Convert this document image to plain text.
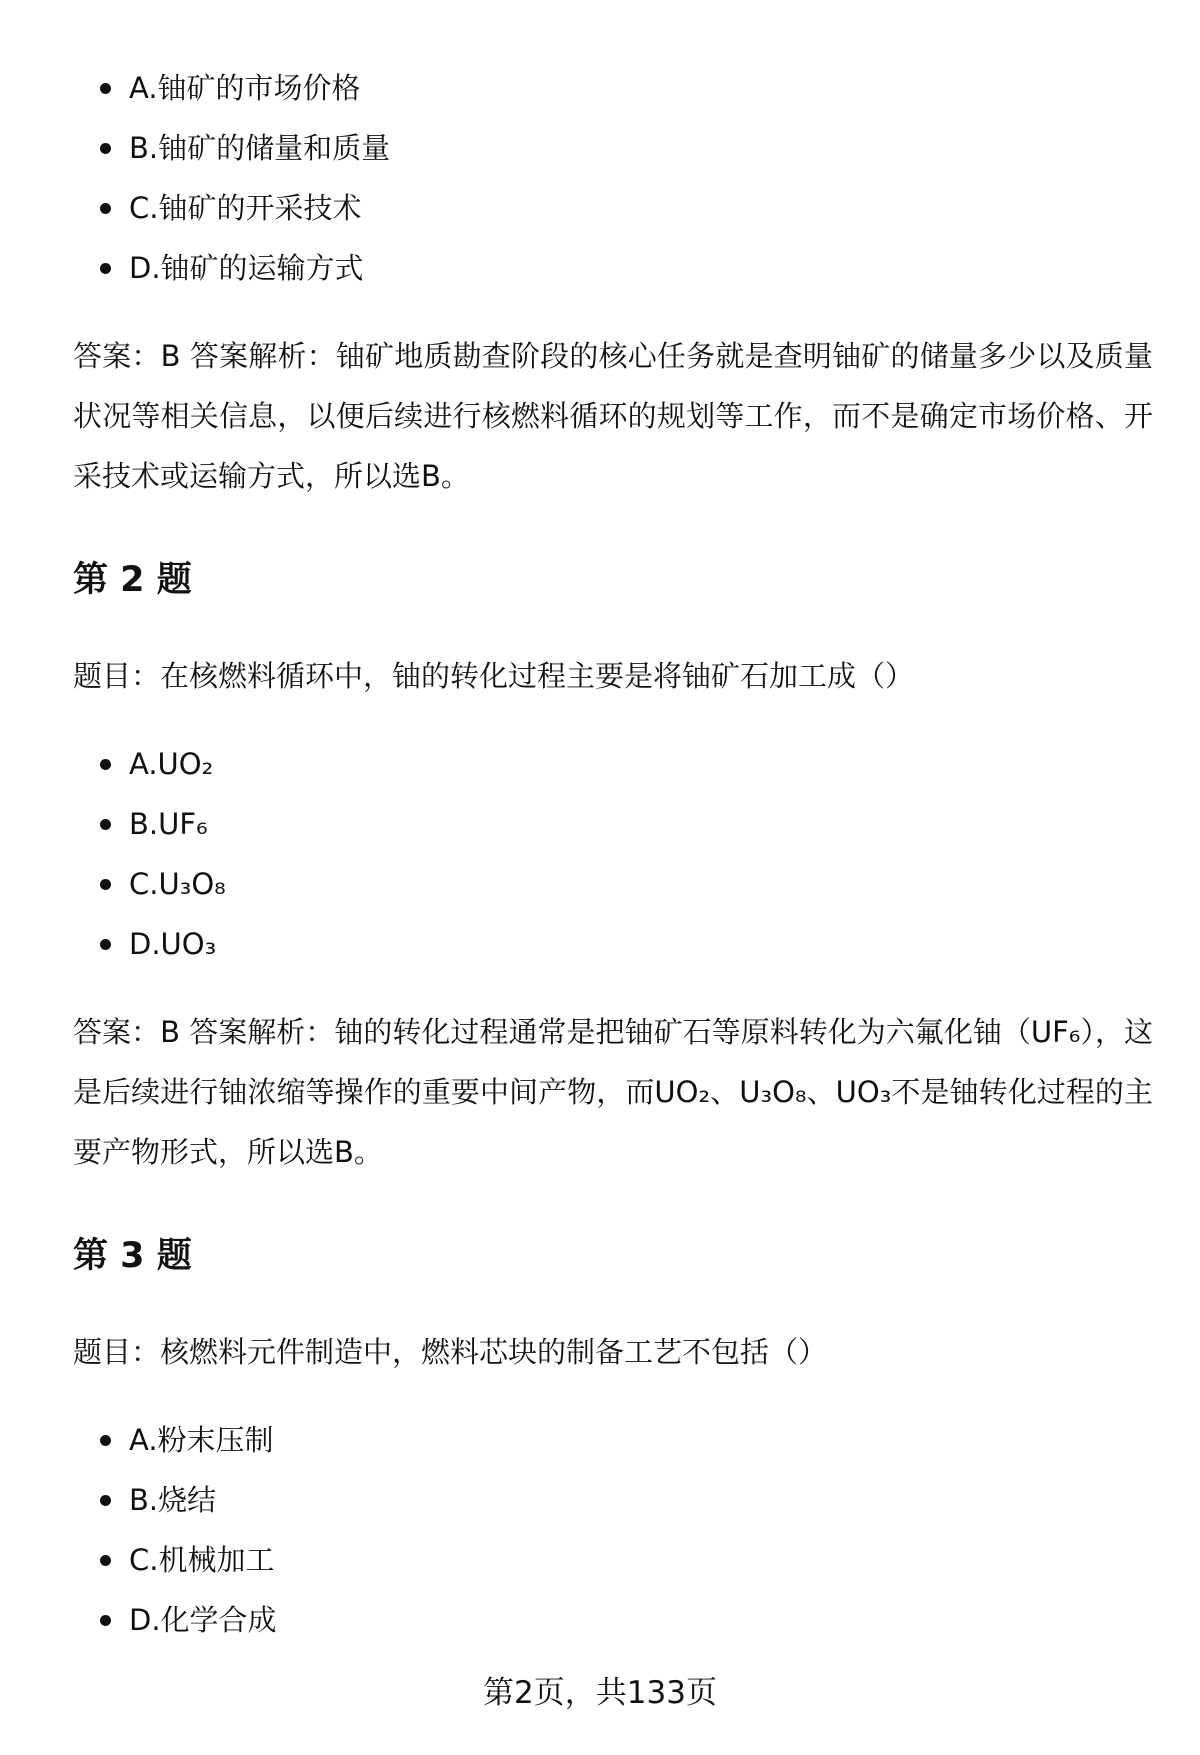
A.铀矿的市场价格
B.铀矿的储量和质量
C.铀矿的开采技术
D.铀矿的运输方式

答案：B 答案解析：铀矿地质勘查阶段的核心任务就是查明铀矿的储量多少以及质量状况等相关信息，以便后续进行核燃料循环的规划等工作，而不是确定市场价格、开采技术或运输方式，所以选B。

第 2 题

题目：在核燃料循环中，铀的转化过程主要是将铀矿石加工成（）

A.UO₂
B.UF₆
C.U₃O₈
D.UO₃

答案：B 答案解析：铀的转化过程通常是把铀矿石等原料转化为六氟化铀（UF₆），这是后续进行铀浓缩等操作的重要中间产物，而UO₂、U₃O₈、UO₃不是铀转化过程的主要产物形式，所以选B。

第 3 题

题目：核燃料元件制造中，燃料芯块的制备工艺不包括（）

A.粉末压制
B.烧结
C.机械加工
D.化学合成
第2页，共133页
